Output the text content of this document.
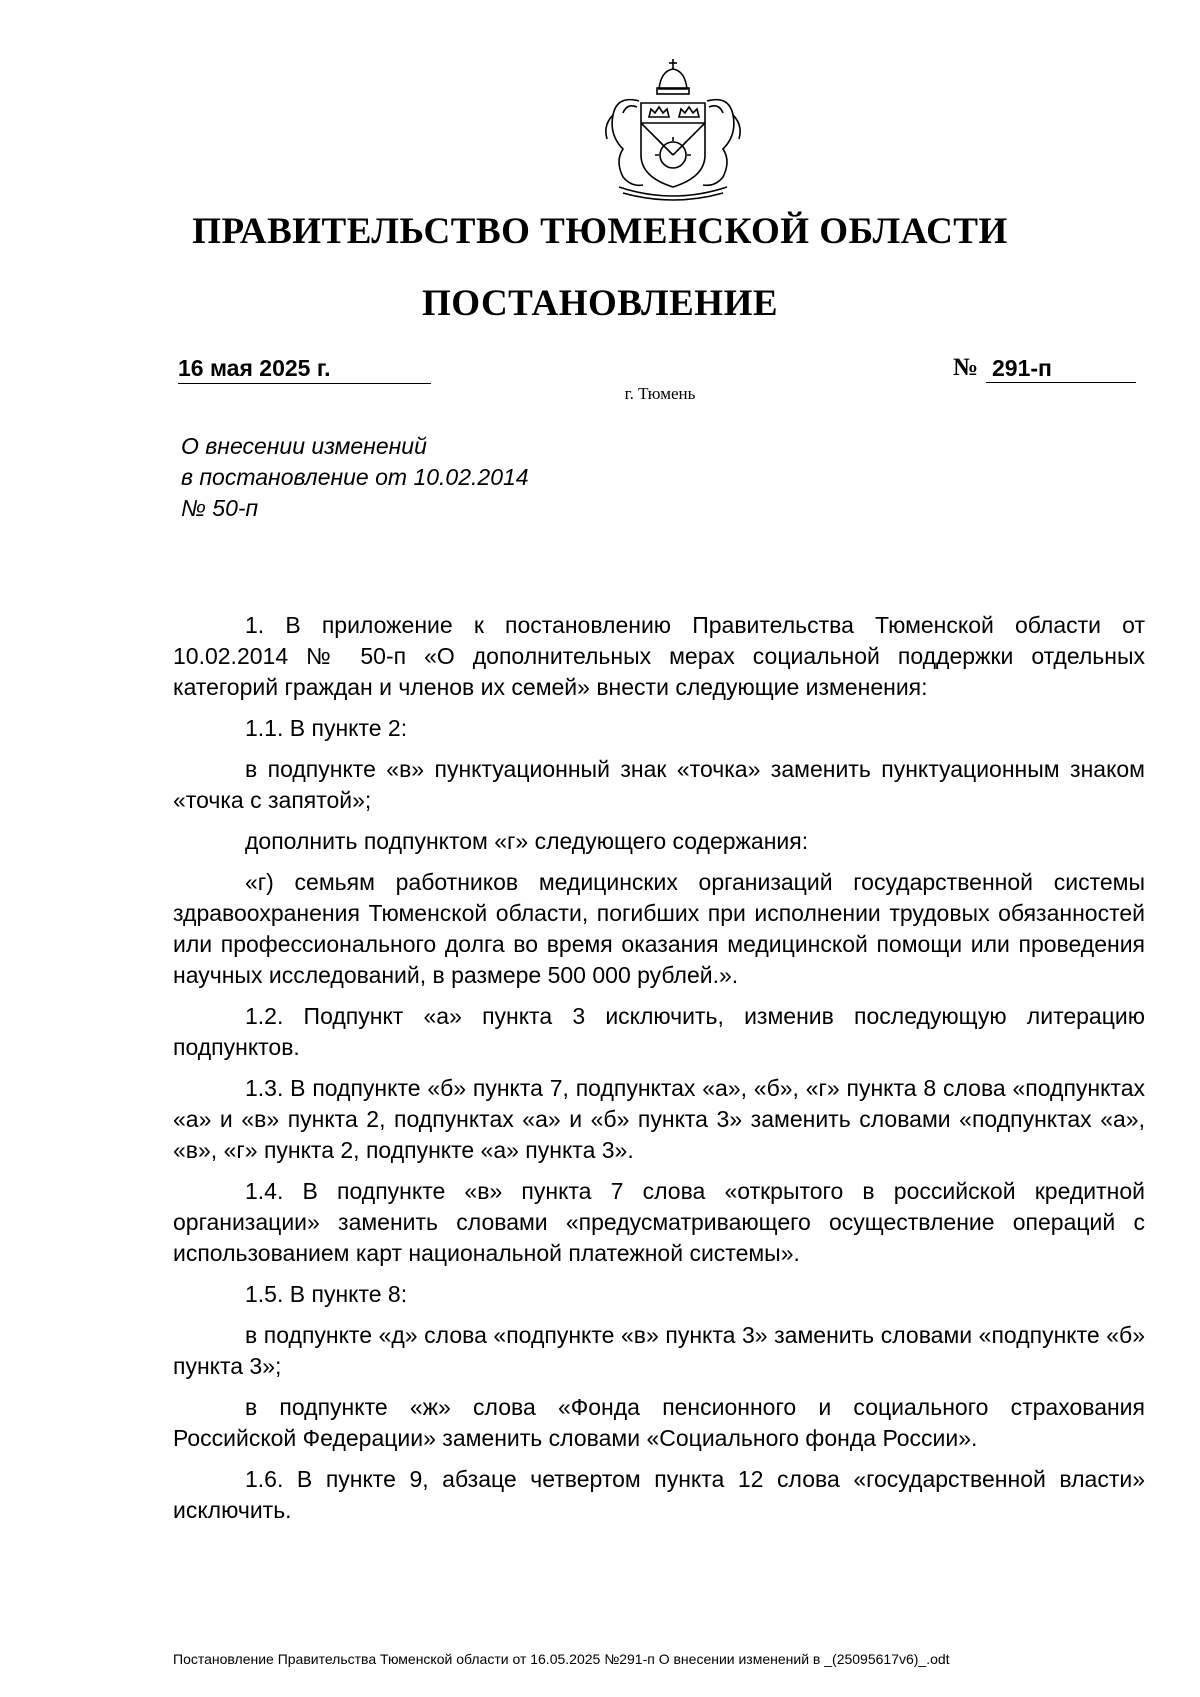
ПРАВИТЕЛЬСТВО ТЮМЕНСКОЙ ОБЛАСТИ
ПОСТАНОВЛЕНИЕ
16 мая 2025 г.	№ 291-п
г. Тюмень
О внесении изменений
в постановление от 10.02.2014
№ 50-п

1. В приложение к постановлению Правительства Тюменской области от 10.02.2014 № 50-п «О дополнительных мерах социальной поддержки отдельных категорий граждан и членов их семей» внести следующие изменения:

1.1. В пункте 2:

в подпункте «в» пунктуационный знак «точка» заменить пунктуационным знаком «точка с запятой»;

дополнить подпунктом «г» следующего содержания:

«г) семьям работников медицинских организаций государственной системы здравоохранения Тюменской области, погибших при исполнении трудовых обязанностей или профессионального долга во время оказания медицинской помощи или проведения научных исследований, в размере 500 000 рублей.».

1.2. Подпункт «а» пункта 3 исключить, изменив последующую литерацию подпунктов.

1.3. В подпункте «б» пункта 7, подпунктах «а», «б», «г» пункта 8 слова «подпунктах «а» и «в» пункта 2, подпунктах «а» и «б» пункта 3» заменить словами «подпунктах «а», «в», «г» пункта 2, подпункте «а» пункта 3».

1.4. В подпункте «в» пункта 7 слова «открытого в российской кредитной организации» заменить словами «предусматривающего осуществление операций с использованием карт национальной платежной системы».

1.5. В пункте 8:

в подпункте «д» слова «подпункте «в» пункта 3» заменить словами «подпункте «б» пункта 3»;

в подпункте «ж» слова «Фонда пенсионного и социального страхования Российской Федерации» заменить словами «Социального фонда России».

1.6. В пункте 9, абзаце четвертом пункта 12 слова «государственной власти» исключить.

Постановление Правительства Тюменской области от 16.05.2025 №291-п О внесении изменений в _(25095617v6)_.odt
